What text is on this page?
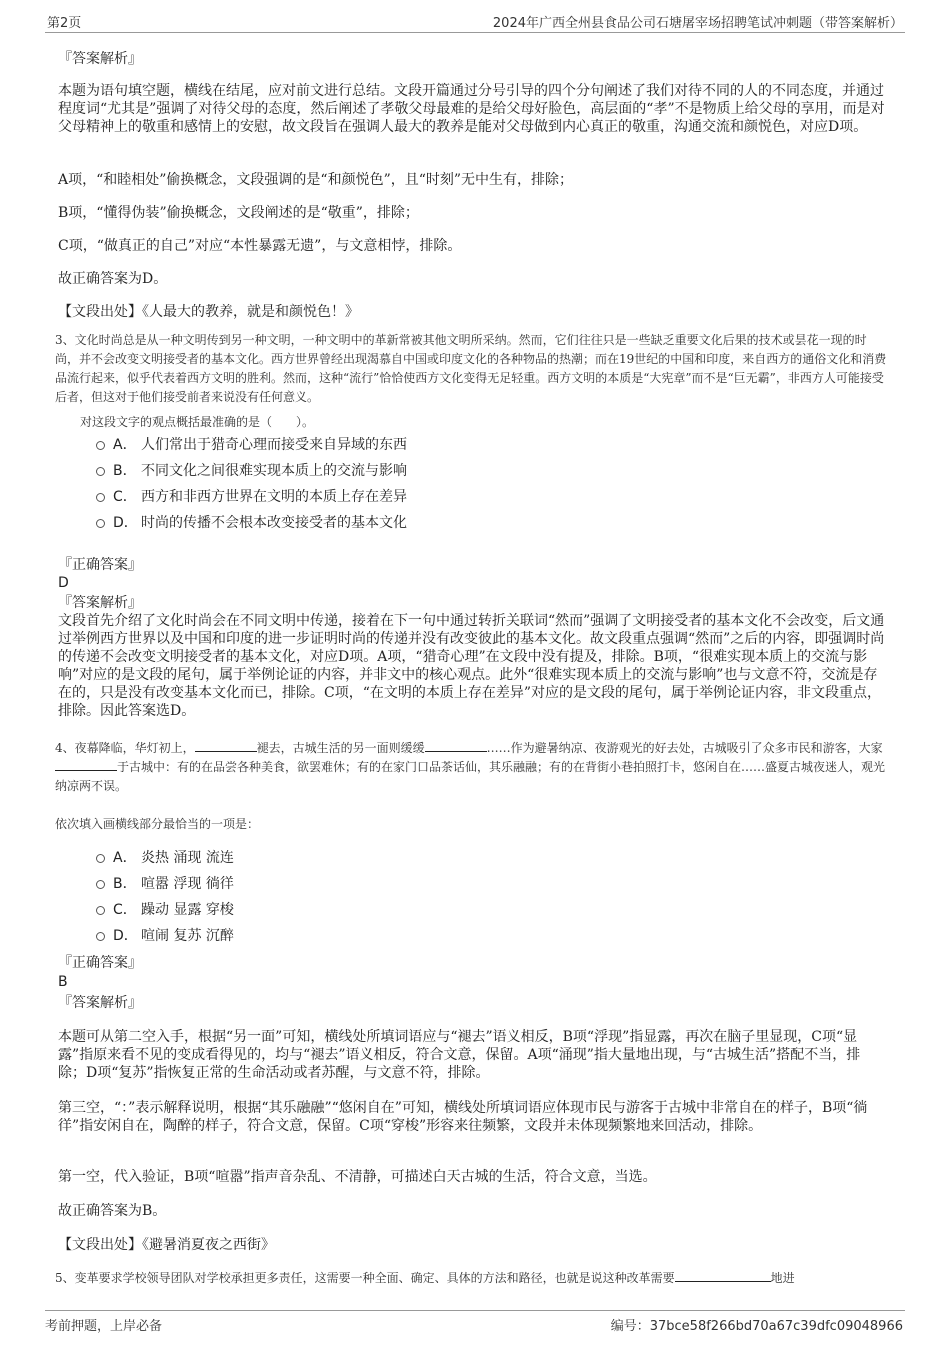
第2页	2024年广西全州县食品公司石塘屠宰场招聘笔试冲刺题（带答案解析）
『答案解析』
本题为语句填空题，横线在结尾，应对前文进行总结。文段开篇通过分号引导的四个分句阐述了我们对待不同的人的不同态度，并通过程度词“尤其是”强调了对待父母的态度，然后阐述了孝敬父母最难的是给父母好脸色，高层面的“孝”不是物质上给父母的享用，而是对父母精神上的敬重和感情上的安慰，故文段旨在强调人最大的教养是能对父母做到内心真正的敬重，沟通交流和颜悦色，对应D项。
A项，“和睦相处”偷换概念，文段强调的是“和颜悦色”，且“时刻”无中生有，排除；
B项，“懂得伪装”偷换概念，文段阐述的是“敬重”，排除；
C项，“做真正的自己”对应“本性暴露无遗”，与文意相悖，排除。
故正确答案为D。
【文段出处】《人最大的教养，就是和颜悦色！》
3、文化时尚总是从一种文明传到另一种文明，一种文明中的革新常被其他文明所采纳。然而，它们往往只是一些缺乏重要文化后果的技术或昙花一现的时尚，并不会改变文明接受者的基本文化。西方世界曾经出现渴慕自中国或印度文化的各种物品的热潮；而在19世纪的中国和印度，来自西方的通俗文化和消费品流行起来，似乎代表着西方文明的胜利。然而，这种“流行”恰恰使西方文化变得无足轻重。西方文明的本质是“大宪章”而不是“巨无霸”，非西方人可能接受后者，但这对于他们接受前者来说没有任何意义。
对这段文字的观点概括最准确的是（　　）。
A． 人们常出于猎奇心理而接受来自异域的东西
B． 不同文化之间很难实现本质上的交流与影响
C． 西方和非西方世界在文明的本质上存在差异
D． 时尚的传播不会根本改变接受者的基本文化
『正确答案』
D
『答案解析』
文段首先介绍了文化时尚会在不同文明中传递，接着在下一句中通过转折关联词“然而”强调了文明接受者的基本文化不会改变，后文通过举例西方世界以及中国和印度的进一步证明时尚的传递并没有改变彼此的基本文化。故文段重点强调“然而”之后的内容，即强调时尚的传递不会改变文明接受者的基本文化，对应D项。A项，“猎奇心理”在文段中没有提及，排除。B项，“很难实现本质上的交流与影响”对应的是文段的尾句，属于举例论证的内容，并非文中的核心观点。此外“很难实现本质上的交流与影响”也与文意不符，交流是存在的，只是没有改变基本文化而已，排除。C项，“在文明的本质上存在差异”对应的是文段的尾句，属于举例论证内容，非文段重点，排除。因此答案选D。
4、夜幕降临，华灯初上，	褪去，古城生活的另一面则缓缓	……作为避暑纳凉、夜游观光的好去处，古城吸引了众多市民和游客，大家于古城中：有的在品尝各种美食，欲罢难休；有的在家门口品茶话仙，其乐融融；有的在背街小巷拍照打卡，悠闲自在……盛夏古城夜迷人，观光纳凉两不误。
依次填入画横线部分最恰当的一项是：
A． 炎热 涌现 流连
B． 喧嚣 浮现 徜徉
C． 躁动 显露 穿梭
D． 喧闹 复苏 沉醉
『正确答案』
B
『答案解析』
本题可从第二空入手，根据“另一面”可知，横线处所填词语应与“褪去”语义相反，B项“浮现”指显露，再次在脑子里显现，C项“显露”指原来看不见的变成看得见的，均与“褪去”语义相反，符合文意，保留。A项“涌现”指大量地出现，与“古城生活”搭配不当，排除；D项“复苏”指恢复正常的生命活动或者苏醒，与文意不符，排除。
第三空，“：”表示解释说明，根据“其乐融融”“悠闲自在”可知，横线处所填词语应体现市民与游客于古城中非常自在的样子，B项“徜徉”指安闲自在，陶醉的样子，符合文意，保留。C项“穿梭”形容来往频繁，文段并未体现频繁地来回活动，排除。
第一空，代入验证，B项“喧嚣”指声音杂乱、不清静，可描述白天古城的生活，符合文意，当选。
故正确答案为B。
【文段出处】《避暑消夏夜之西街》
5、变革要求学校领导团队对学校承担更多责任，这需要一种全面、确定、具体的方法和路径，也就是说这种改革需要	地进
考前押题，上岸必备	编号：37bce58f266bd70a67c39dfc09048966
